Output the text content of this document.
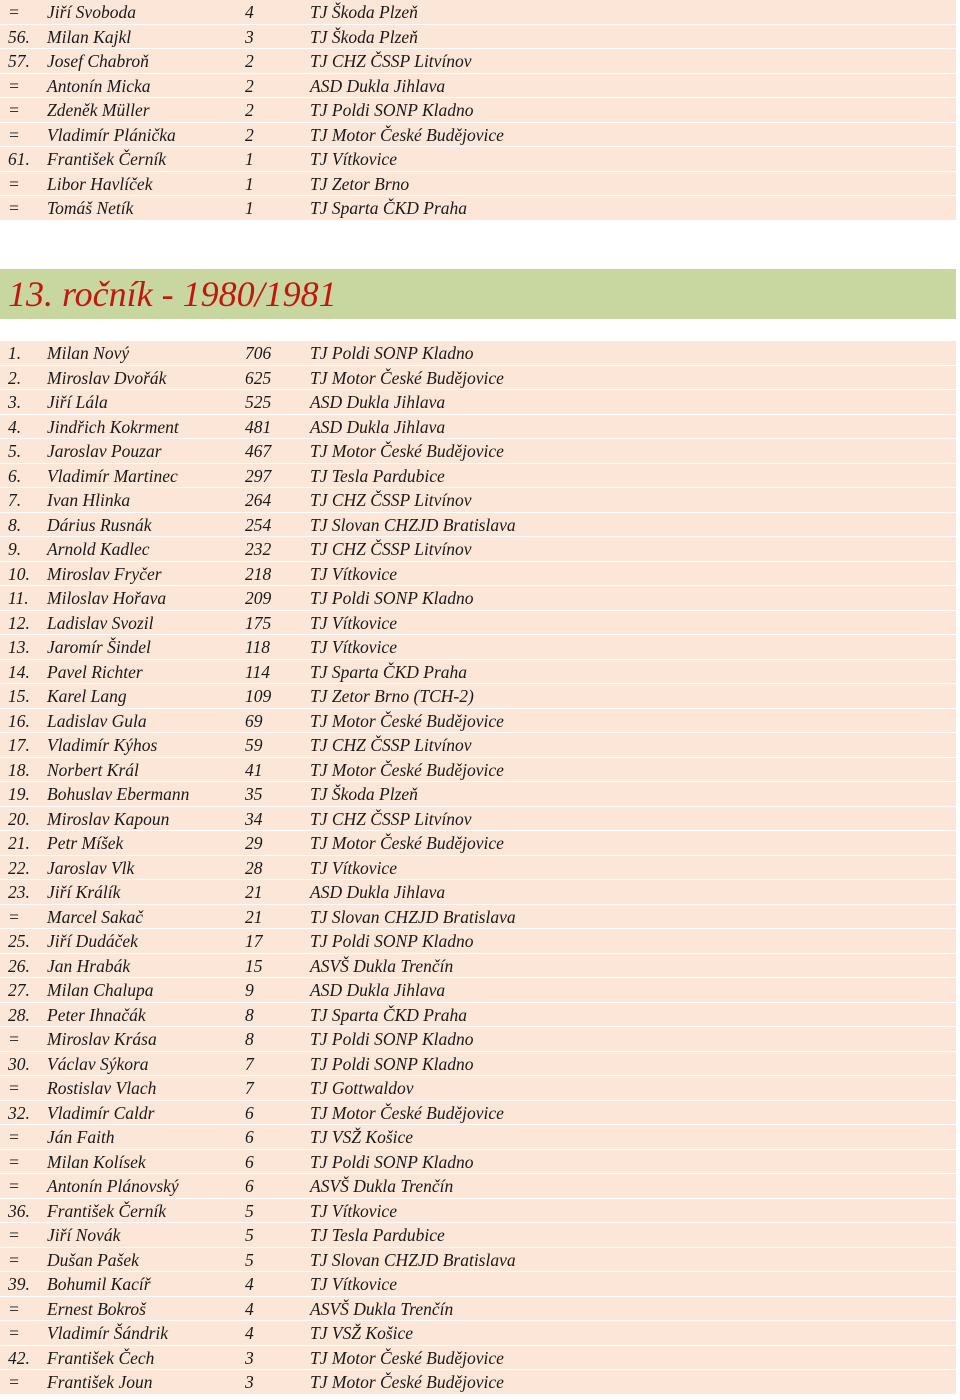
= Jiří Svoboda	4	TJ Škoda Plzeň
56. Milan Kajkl	3	TJ Škoda Plzeň
57. Josef Chabroň	2	TJ CHZ ČSSP Litvínov
= Antonín Micka	2	ASD Dukla Jihlava
= Zdeněk Müller	2	TJ Poldi SONP Kladno
= Vladimír Plánička	2	TJ Motor České Budějovice
61. František Černík	1	TJ Vítkovice
= Libor Havlíček	1	TJ Zetor Brno
= Tomáš Netík	1	TJ Sparta ČKD Praha
13. ročník - 1980/1981
1. Milan Nový	706 TJ Poldi SONP Kladno
2. Miroslav Dvořák	625 TJ Motor České Budějovice
3. Jiří Lála	525 ASD Dukla Jihlava
4. Jindřich Kokrment	481 ASD Dukla Jihlava
5. Jaroslav Pouzar	467 TJ Motor České Budějovice
6. Vladimír Martinec	297 TJ Tesla Pardubice
7. Ivan Hlinka	264 TJ CHZ ČSSP Litvínov
8. Dárius Rusnák	254 TJ Slovan CHZJD Bratislava
9. Arnold Kadlec	232 TJ CHZ ČSSP Litvínov
10. Miroslav Fryčer	218 TJ Vítkovice
11. Miloslav Hořava	209 TJ Poldi SONP Kladno
12. Ladislav Svozil	175 TJ Vítkovice
13. Jaromír Šindel	118 TJ Vítkovice
14. Pavel Richter	114 TJ Sparta ČKD Praha
15. Karel Lang	109 TJ Zetor Brno (TCH-2)
16. Ladislav Gula	69	TJ Motor České Budějovice
17. Vladimír Kýhos	59	TJ CHZ ČSSP Litvínov
18. Norbert Král	41	TJ Motor České Budějovice
19. Bohuslav Ebermann	35	TJ Škoda Plzeň
20. Miroslav Kapoun	34	TJ CHZ ČSSP Litvínov
21. Petr Míšek	29	TJ Motor České Budějovice
22. Jaroslav Vlk	28	TJ Vítkovice
23. Jiří Králík	21	ASD Dukla Jihlava
= Marcel Sakač	21	TJ Slovan CHZJD Bratislava
25. Jiří Dudáček	17	TJ Poldi SONP Kladno
26. Jan Hrabák	15	ASVŠ Dukla Trenčín
27. Milan Chalupa	9	ASD Dukla Jihlava
28. Peter Ihnačák	8	TJ Sparta ČKD Praha
= Miroslav Krása	8	TJ Poldi SONP Kladno
30. Václav Sýkora	7	TJ Poldi SONP Kladno
= Rostislav Vlach	7	TJ Gottwaldov
32. Vladimír Caldr	6	TJ Motor České Budějovice
= Ján Faith	6	TJ VSŽ Košice
= Milan Kolísek	6	TJ Poldi SONP Kladno
= Antonín Plánovský	6	ASVŠ Dukla Trenčín
36. František Černík	5	TJ Vítkovice
= Jiří Novák	5	TJ Tesla Pardubice
= Dušan Pašek	5	TJ Slovan CHZJD Bratislava
39. Bohumil Kacíř	4	TJ Vítkovice
= Ernest Bokroš	4	ASVŠ Dukla Trenčín
= Vladimír Šándrik	4	TJ VSŽ Košice
42. František Čech	3	TJ Motor České Budějovice
= František Joun	3	TJ Motor České Budějovice
